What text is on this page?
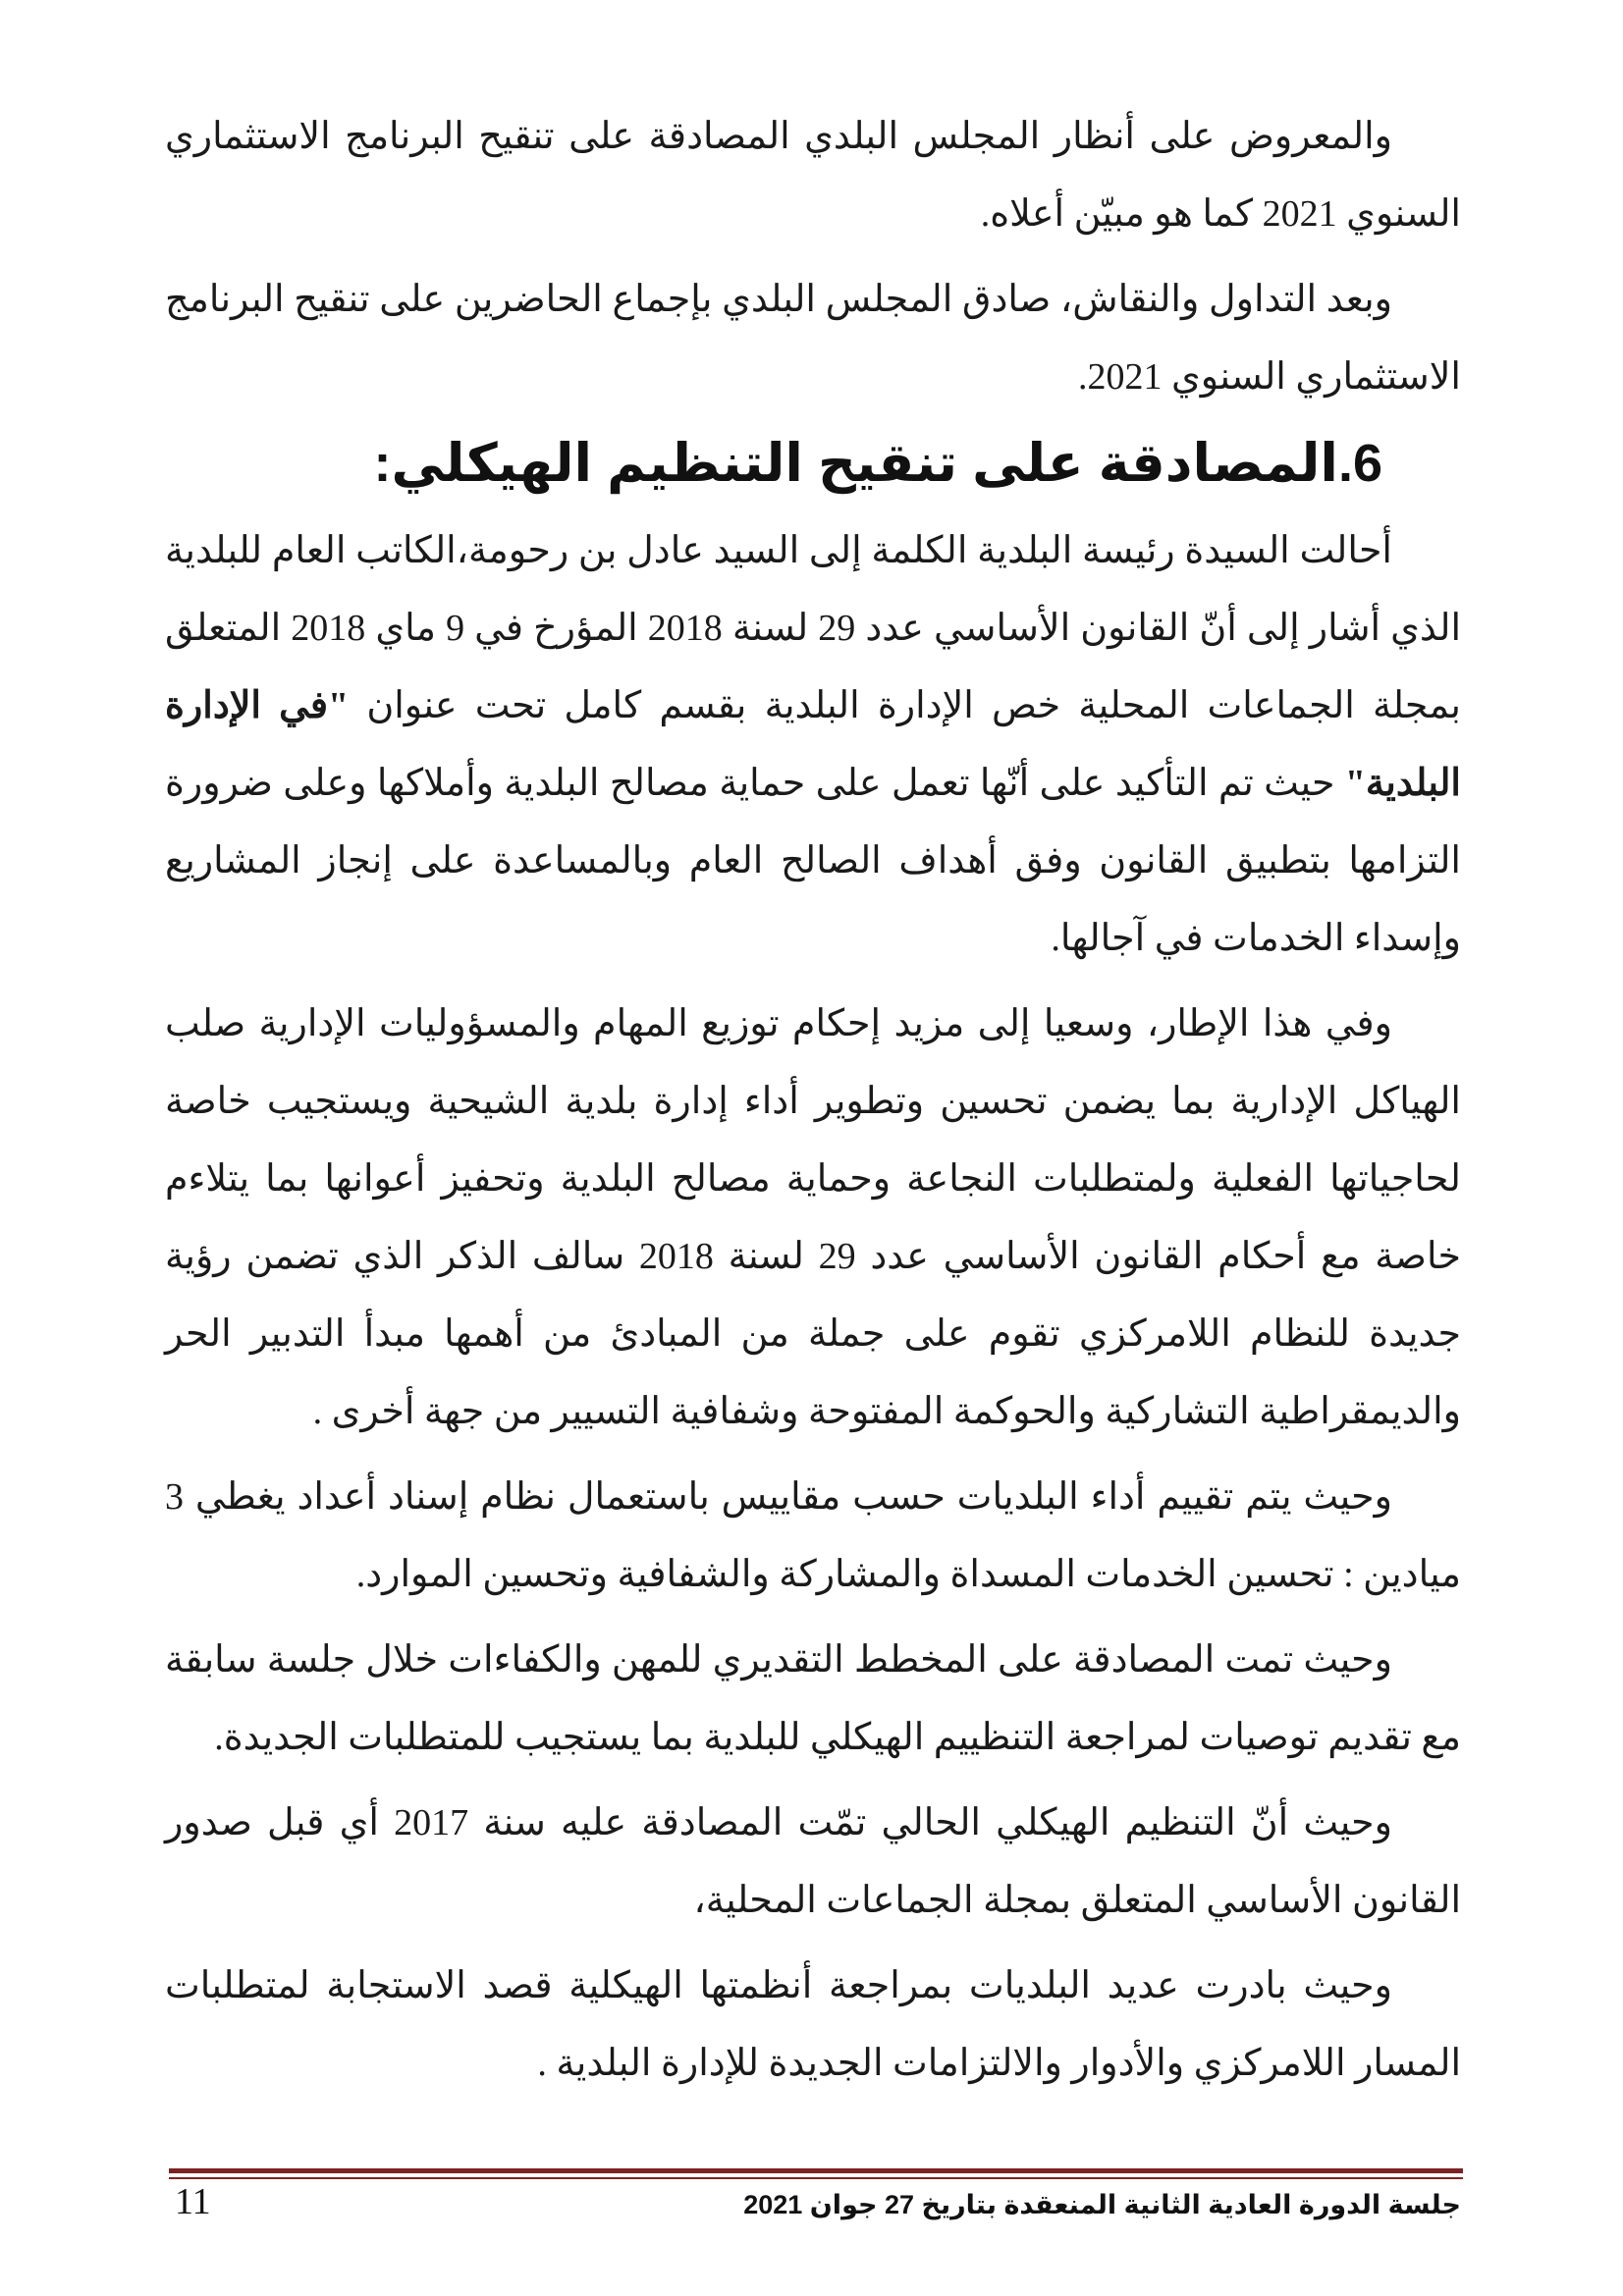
والمعروض على أنظار المجلس البلدي المصادقة على تنقيح البرنامج الاستثماري السنوي 2021 كما هو مبيّن أعلاه.

وبعد التداول والنقاش، صادق المجلس البلدي بإجماع الحاضرين على تنقيح البرنامج الاستثماري السنوي 2021.

6.المصادقة على تنقيح التنظيم الهيكلي:

أحالت السيدة رئيسة البلدية الكلمة إلى السيد عادل بن رحومة،الكاتب العام للبلدية الذي أشار إلى أنّ القانون الأساسي عدد 29 لسنة 2018 المؤرخ في 9 ماي 2018 المتعلق بمجلة الجماعات المحلية خص الإدارة البلدية بقسم كامل تحت عنوان "في الإدارة البلدية" حيث تم التأكيد على أنّها تعمل على حماية مصالح البلدية وأملاكها وعلى ضرورة التزامها بتطبيق القانون وفق أهداف الصالح العام وبالمساعدة على إنجاز المشاريع وإسداء الخدمات في آجالها.

وفي هذا الإطار، وسعيا إلى مزيد إحكام توزيع المهام والمسؤوليات الإدارية صلب الهياكل الإدارية بما يضمن تحسين وتطوير أداء إدارة بلدية الشيحية ويستجيب خاصة لحاجياتها الفعلية ولمتطلبات النجاعة وحماية مصالح البلدية وتحفيز أعوانها بما يتلاءم خاصة مع أحكام القانون الأساسي عدد 29 لسنة 2018 سالف الذكر الذي تضمن رؤية جديدة للنظام اللامركزي تقوم على جملة من المبادئ من أهمها مبدأ التدبير الحر والديمقراطية التشاركية والحوكمة المفتوحة وشفافية التسيير من جهة أخرى .

وحيث يتم تقييم أداء البلديات حسب مقاييس باستعمال نظام إسناد أعداد يغطي 3 ميادين : تحسين الخدمات المسداة والمشاركة والشفافية وتحسين الموارد.

وحيث تمت المصادقة على المخطط التقديري للمهن والكفاءات خلال جلسة سابقة مع تقديم توصيات لمراجعة التنظييم الهيكلي للبلدية بما يستجيب للمتطلبات الجديدة.

وحيث أنّ التنظيم الهيكلي الحالي تمّت المصادقة عليه سنة 2017 أي قبل صدور القانون الأساسي المتعلق بمجلة الجماعات المحلية،

وحيث بادرت عديد البلديات بمراجعة أنظمتها الهيكلية قصد الاستجابة لمتطلبات المسار اللامركزي والأدوار والالتزامات الجديدة للإدارة البلدية .

جلسة الدورة العادية الثانية المنعقدة بتاريخ 27 جوان 2021
11
